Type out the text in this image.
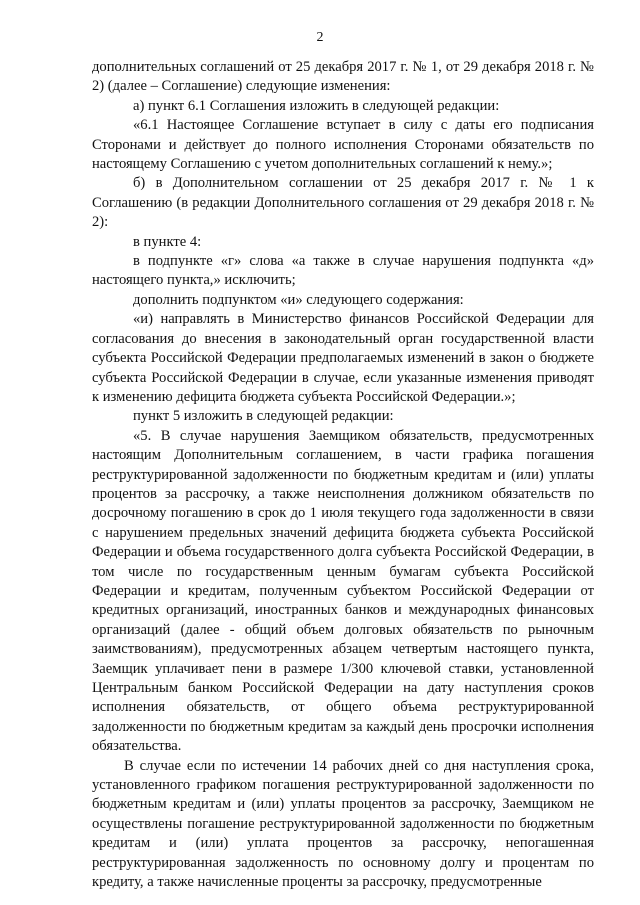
2

дополнительных соглашений от 25 декабря 2017 г. № 1, от 29 декабря 2018 г. № 2) (далее – Соглашение) следующие изменения:

а) пункт 6.1 Соглашения изложить в следующей редакции:

«6.1 Настоящее Соглашение вступает в силу с даты его подписания Сторонами и действует до полного исполнения Сторонами обязательств по настоящему Соглашению с учетом дополнительных соглашений к нему.»;

б) в Дополнительном соглашении от 25 декабря 2017 г. № 1 к Соглашению (в редакции Дополнительного соглашения от 29 декабря 2018 г. № 2):

в пункте 4:

в подпункте «г» слова «а также в случае нарушения подпункта «д» настоящего пункта,» исключить;

дополнить подпунктом «и» следующего содержания:

«и) направлять в Министерство финансов Российской Федерации для согласования до внесения в законодательный орган государственной власти субъекта Российской Федерации предполагаемых изменений в закон о бюджете субъекта Российской Федерации в случае, если указанные изменения приводят к изменению дефицита бюджета субъекта Российской Федерации.»;

пункт 5 изложить в следующей редакции:

«5. В случае нарушения Заемщиком обязательств, предусмотренных настоящим Дополнительным соглашением, в части графика погашения реструктурированной задолженности по бюджетным кредитам и (или) уплаты процентов за рассрочку, а также неисполнения должником обязательств по досрочному погашению в срок до 1 июля текущего года задолженности в связи с нарушением предельных значений дефицита бюджета субъекта Российской Федерации и объема государственного долга субъекта Российской Федерации, в том числе по государственным ценным бумагам субъекта Российской Федерации и кредитам, полученным субъектом Российской Федерации от кредитных организаций, иностранных банков и международных финансовых организаций (далее - общий объем долговых обязательств по рыночным заимствованиям), предусмотренных абзацем четвертым настоящего пункта, Заемщик уплачивает пени в размере 1/300 ключевой ставки, установленной Центральным банком Российской Федерации на дату наступления сроков исполнения обязательств, от общего объема реструктурированной задолженности по бюджетным кредитам за каждый день просрочки исполнения обязательства.

В случае если по истечении 14 рабочих дней со дня наступления срока, установленного графиком погашения реструктурированной задолженности по бюджетным кредитам и (или) уплаты процентов за рассрочку, Заемщиком не осуществлены погашение реструктурированной задолженности по бюджетным кредитам и (или) уплата процентов за рассрочку, непогашенная реструктурированная задолженность по основному долгу и процентам по кредиту, а также начисленные проценты за рассрочку, предусмотренные
